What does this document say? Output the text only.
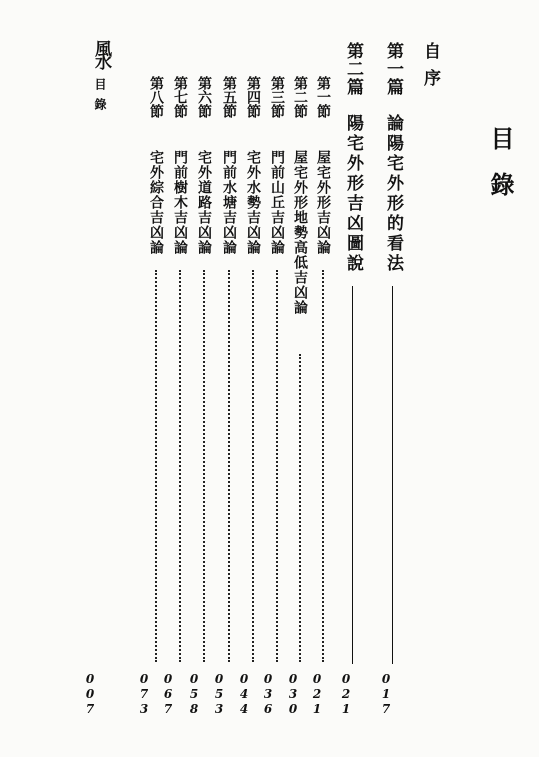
目錄
自序
第一篇
論陽宅外形的看法
017
第二篇
陽宅外形吉凶圖說
021
第一節
屋宅外形吉凶論
021
第二節
屋宅外形地勢高低吉凶論
030
第三節
門前山丘吉凶論
036
第四節
宅外水勢吉凶論
044
第五節
門前水塘吉凶論
053
第六節
宅外道路吉凶論
058
第七節
門前樹木吉凶論
067
第八節
宅外綜合吉凶論
073
風水
目錄
007
